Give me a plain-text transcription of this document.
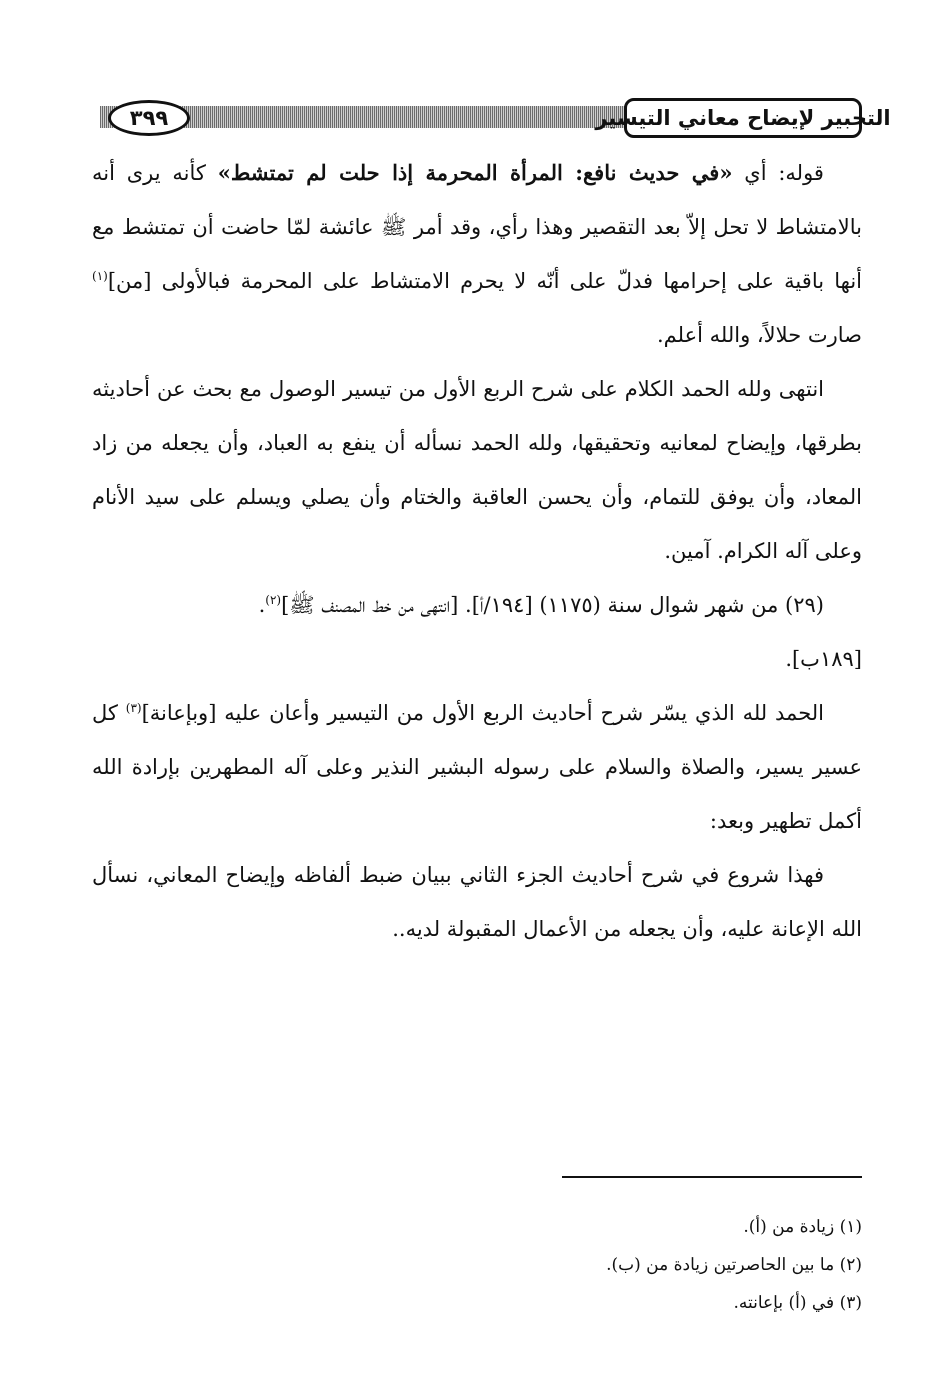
٣٩٩	التحبير لإيضاح معاني التيسير

قوله: أي «في حديث نافع: المرأة المحرمة إذا حلت لم تمتشط» كأنه يرى أنه بالامتشاط لا تحل إلاّ بعد التقصير وهذا رأي، وقد أمر ﷺ عائشة لمّا حاضت أن تمتشط مع أنها باقية على إحرامها فدلّ على أنّه لا يحرم الامتشاط على المحرمة فبالأولى [من]$^{(١)}$ صارت حلالاً، والله أعلم.

انتهى ولله الحمد الكلام على شرح الربع الأول من تيسير الوصول مع بحث عن أحاديثه بطرقها، وإيضاح لمعانيه وتحقيقها، ولله الحمد نسأله أن ينفع به العباد، وأن يجعله من زاد المعاد، وأن يوفق للتمام، وأن يحسن العاقبة والختام وأن يصلي ويسلم على سيد الأنام وعلى آله الكرام. آمين.

(٢٩) من شهر شوال سنة (١١٧٥) [١٩٤/أ]. [انتهى من خط المصنف ﷺ]$^{(٢)}$.

[١٨٩ب].

الحمد لله الذي يسّر شرح أحاديث الربع الأول من التيسير وأعان عليه [وبإعانة]$^{(٣)}$ كل عسير يسير، والصلاة والسلام على رسوله البشير النذير وعلى آله المطهرين بإرادة الله أكمل تطهير وبعد:

فهذا شروع في شرح أحاديث الجزء الثاني ببيان ضبط ألفاظه وإيضاح المعاني، نسأل الله الإعانة عليه، وأن يجعله من الأعمال المقبولة لديه..

(١) زيادة من (أ).

(٢) ما بين الحاصرتين زيادة من (ب).

(٣) في (أ) بإعانته.
